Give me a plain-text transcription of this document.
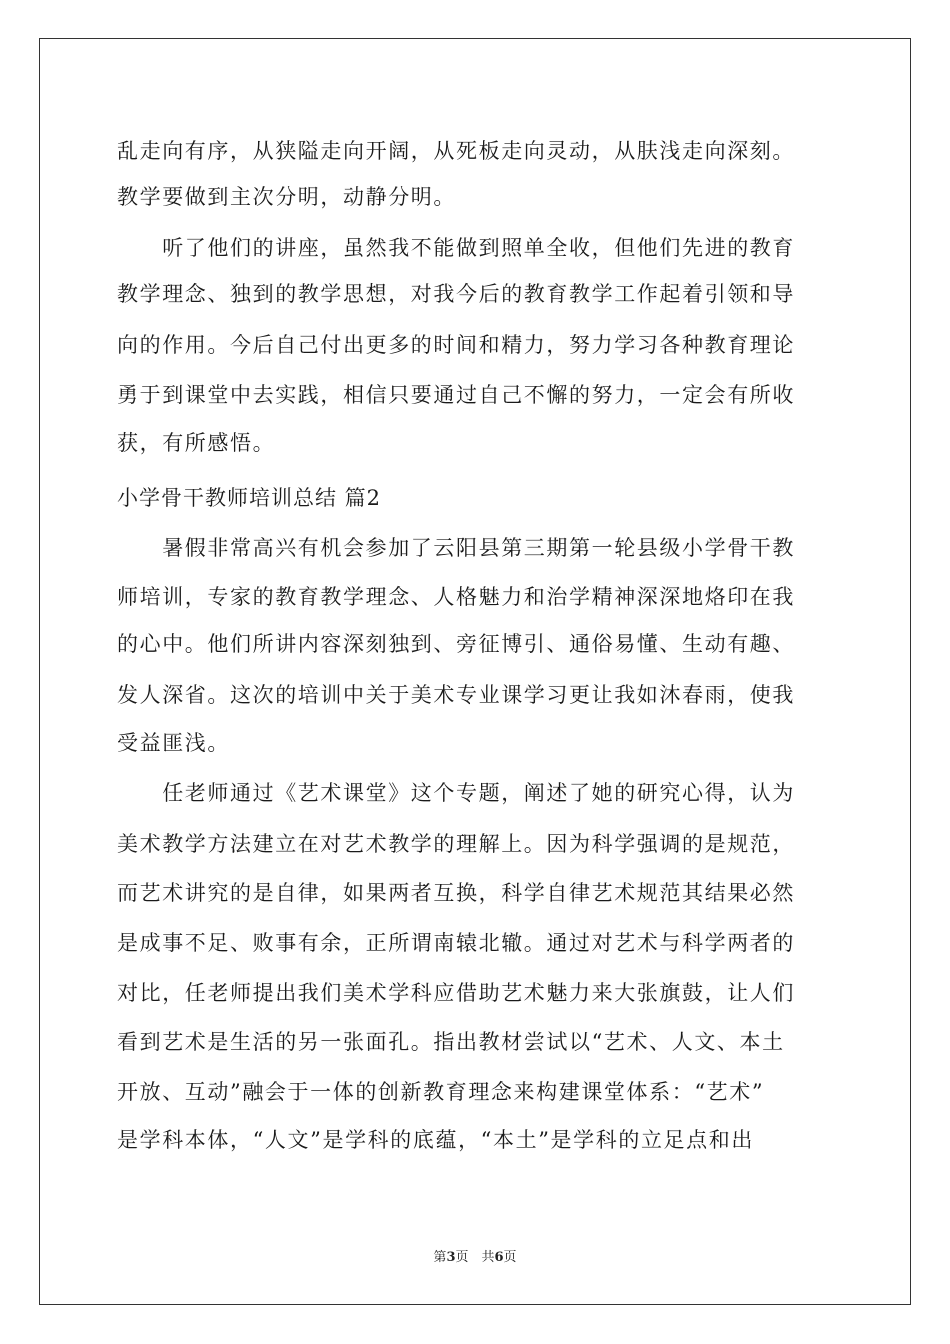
乱走向有序，从狭隘走向开阔，从死板走向灵动，从肤浅走向深刻。
教学要做到主次分明，动静分明。
　　听了他们的讲座，虽然我不能做到照单全收，但他们先进的教育
教学理念、独到的教学思想，对我今后的教育教学工作起着引领和导
向的作用。今后自己付出更多的时间和精力，努力学习各种教育理论
勇于到课堂中去实践，相信只要通过自己不懈的努力，一定会有所收
获，有所感悟。
小学骨干教师培训总结 篇2
　　暑假非常高兴有机会参加了云阳县第三期第一轮县级小学骨干教
师培训，专家的教育教学理念、人格魅力和治学精神深深地烙印在我
的心中。他们所讲内容深刻独到、旁征博引、通俗易懂、生动有趣、
发人深省。这次的培训中关于美术专业课学习更让我如沐春雨，使我
受益匪浅。
　　任老师通过《艺术课堂》这个专题，阐述了她的研究心得，认为
美术教学方法建立在对艺术教学的理解上。因为科学强调的是规范，
而艺术讲究的是自律，如果两者互换，科学自律艺术规范其结果必然
是成事不足、败事有余，正所谓南辕北辙。通过对艺术与科学两者的
对比，任老师提出我们美术学科应借助艺术魅力来大张旗鼓，让人们
看到艺术是生活的另一张面孔。指出教材尝试以“艺术、人文、本土
开放、互动”融会于一体的创新教育理念来构建课堂体系：“艺术”
是学科本体，“人文”是学科的底蕴，“本土”是学科的立足点和出
第3页　共6页
